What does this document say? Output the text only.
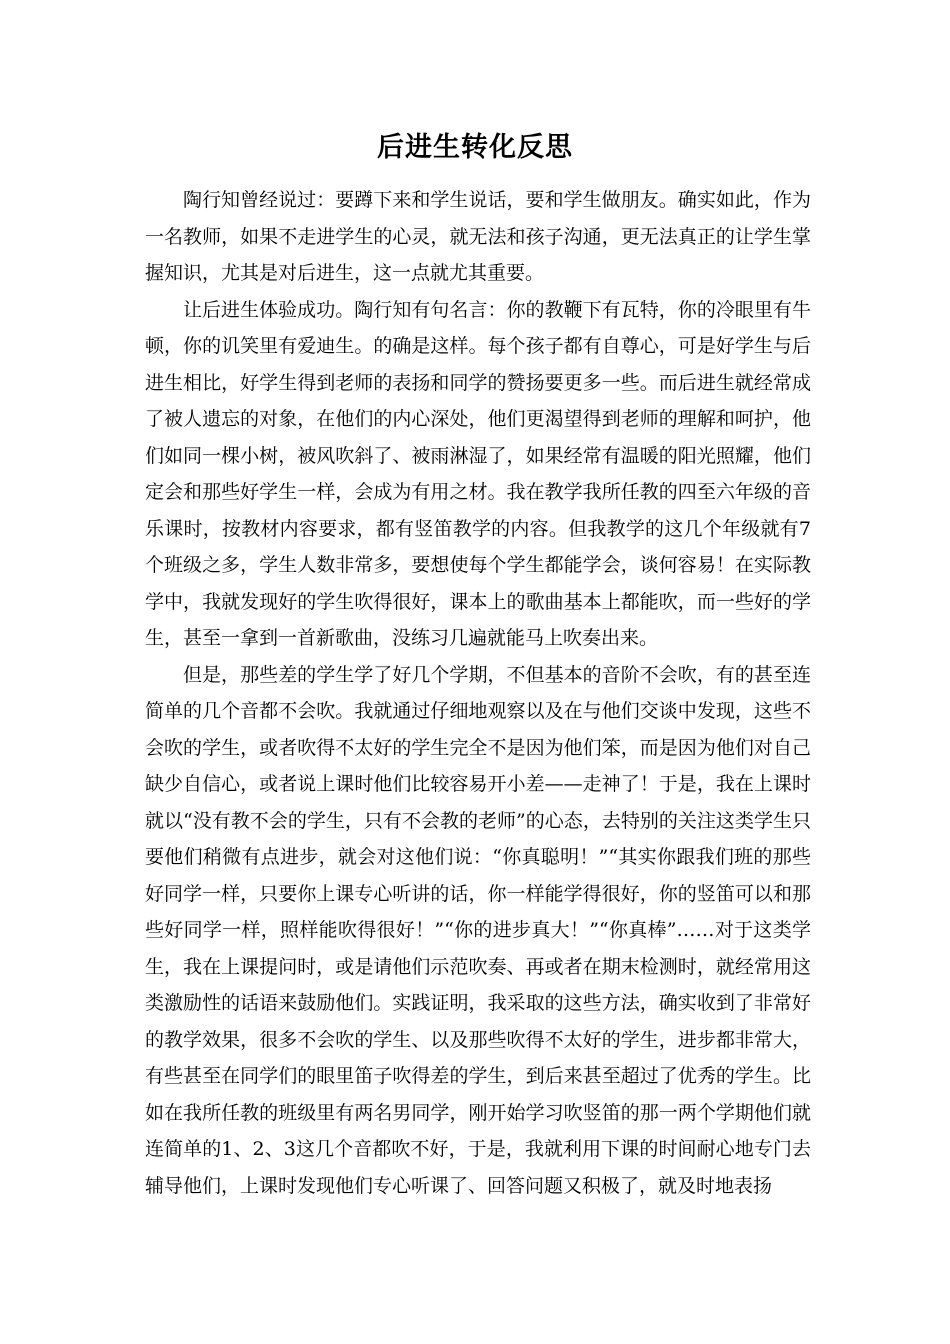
后进生转化反思

陶行知曾经说过：要蹲下来和学生说话，要和学生做朋友。确实如此，作为一名教师，如果不走进学生的心灵，就无法和孩子沟通，更无法真正的让学生掌握知识，尤其是对后进生，这一点就尤其重要。

让后进生体验成功。陶行知有句名言：你的教鞭下有瓦特，你的冷眼里有牛顿，你的讥笑里有爱迪生。的确是这样。每个孩子都有自尊心，可是好学生与后进生相比，好学生得到老师的表扬和同学的赞扬要更多一些。而后进生就经常成了被人遗忘的对象，在他们的内心深处，他们更渴望得到老师的理解和呵护，他们如同一棵小树，被风吹斜了、被雨淋湿了，如果经常有温暖的阳光照耀，他们定会和那些好学生一样，会成为有用之材。我在教学我所任教的四至六年级的音乐课时，按教材内容要求，都有竖笛教学的内容。但我教学的这几个年级就有7个班级之多，学生人数非常多，要想使每个学生都能学会，谈何容易！在实际教学中，我就发现好的学生吹得很好，课本上的歌曲基本上都能吹，而一些好的学生，甚至一拿到一首新歌曲，没练习几遍就能马上吹奏出来。

但是，那些差的学生学了好几个学期，不但基本的音阶不会吹，有的甚至连简单的几个音都不会吹。我就通过仔细地观察以及在与他们交谈中发现，这些不会吹的学生，或者吹得不太好的学生完全不是因为他们笨，而是因为他们对自己缺少自信心，或者说上课时他们比较容易开小差——走神了！于是，我在上课时就以“没有教不会的学生，只有不会教的老师”的心态，去特别的关注这类学生只要他们稍微有点进步，就会对这他们说：“你真聪明！”“其实你跟我们班的那些好同学一样，只要你上课专心听讲的话，你一样能学得很好，你的竖笛可以和那些好同学一样，照样能吹得很好！”“你的进步真大！”“你真棒”……对于这类学生，我在上课提问时，或是请他们示范吹奏、再或者在期末检测时，就经常用这类激励性的话语来鼓励他们。实践证明，我采取的这些方法，确实收到了非常好的教学效果，很多不会吹的学生、以及那些吹得不太好的学生，进步都非常大，有些甚至在同学们的眼里笛子吹得差的学生，到后来甚至超过了优秀的学生。比如在我所任教的班级里有两名男同学，刚开始学习吹竖笛的那一两个学期他们就连简单的1、2、3这几个音都吹不好，于是，我就利用下课的时间耐心地专门去辅导他们，上课时发现他们专心听课了、回答问题又积极了，就及时地表扬
